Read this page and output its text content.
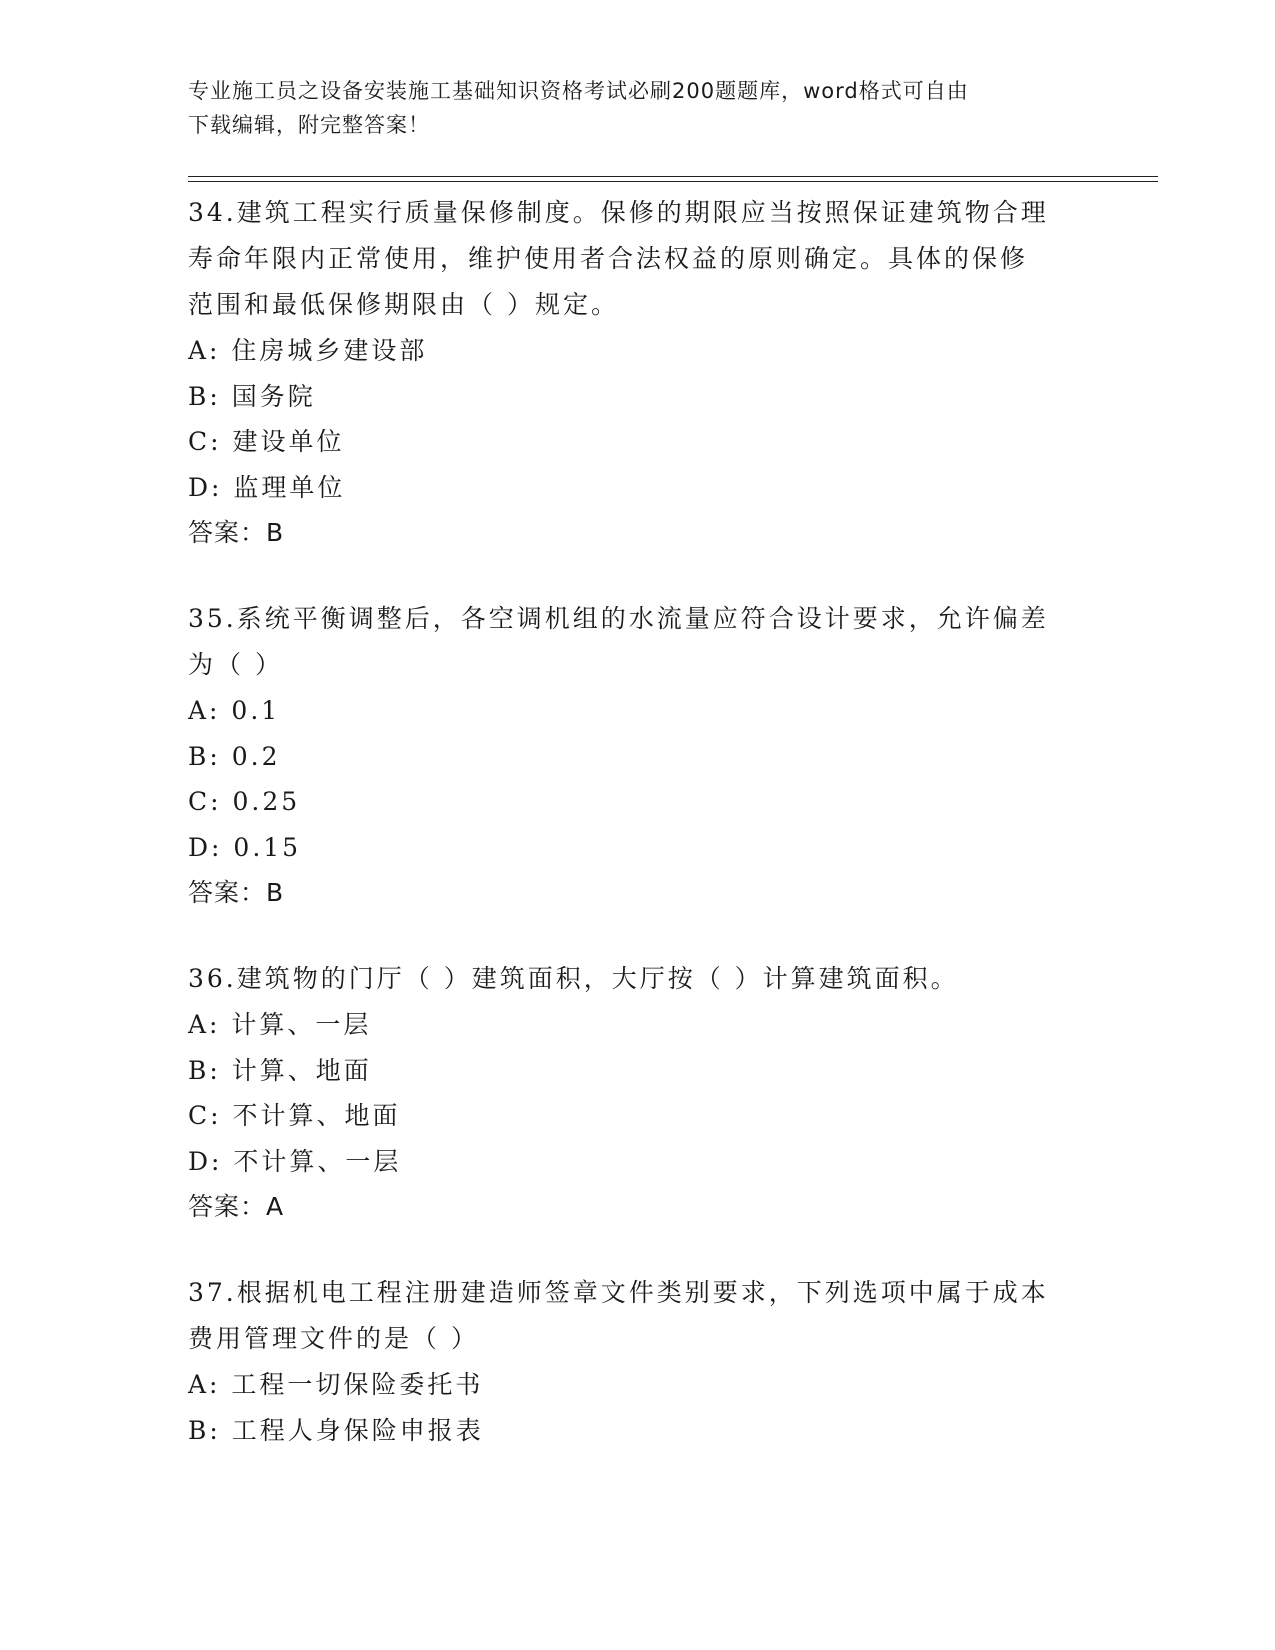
专业施工员之设备安装施工基础知识资格考试必刷200题题库，word格式可自由
下载编辑，附完整答案！

34.建筑工程实行质量保修制度。保修的期限应当按照保证建筑物合理

寿命年限内正常使用，维护使用者合法权益的原则确定。具体的保修

范围和最低保修期限由（ ）规定。

A: 住房城乡建设部

B: 国务院

C: 建设单位

D: 监理单位

答案：B

35.系统平衡调整后，各空调机组的水流量应符合设计要求，允许偏差

为（ ）

A: 0.1

B: 0.2

C: 0.25

D: 0.15

答案：B

36.建筑物的门厅（ ）建筑面积，大厅按（ ）计算建筑面积。

A: 计算、一层

B: 计算、地面

C: 不计算、地面

D: 不计算、一层

答案：A

37.根据机电工程注册建造师签章文件类别要求，下列选项中属于成本

费用管理文件的是（ ）

A: 工程一切保险委托书

B: 工程人身保险申报表
